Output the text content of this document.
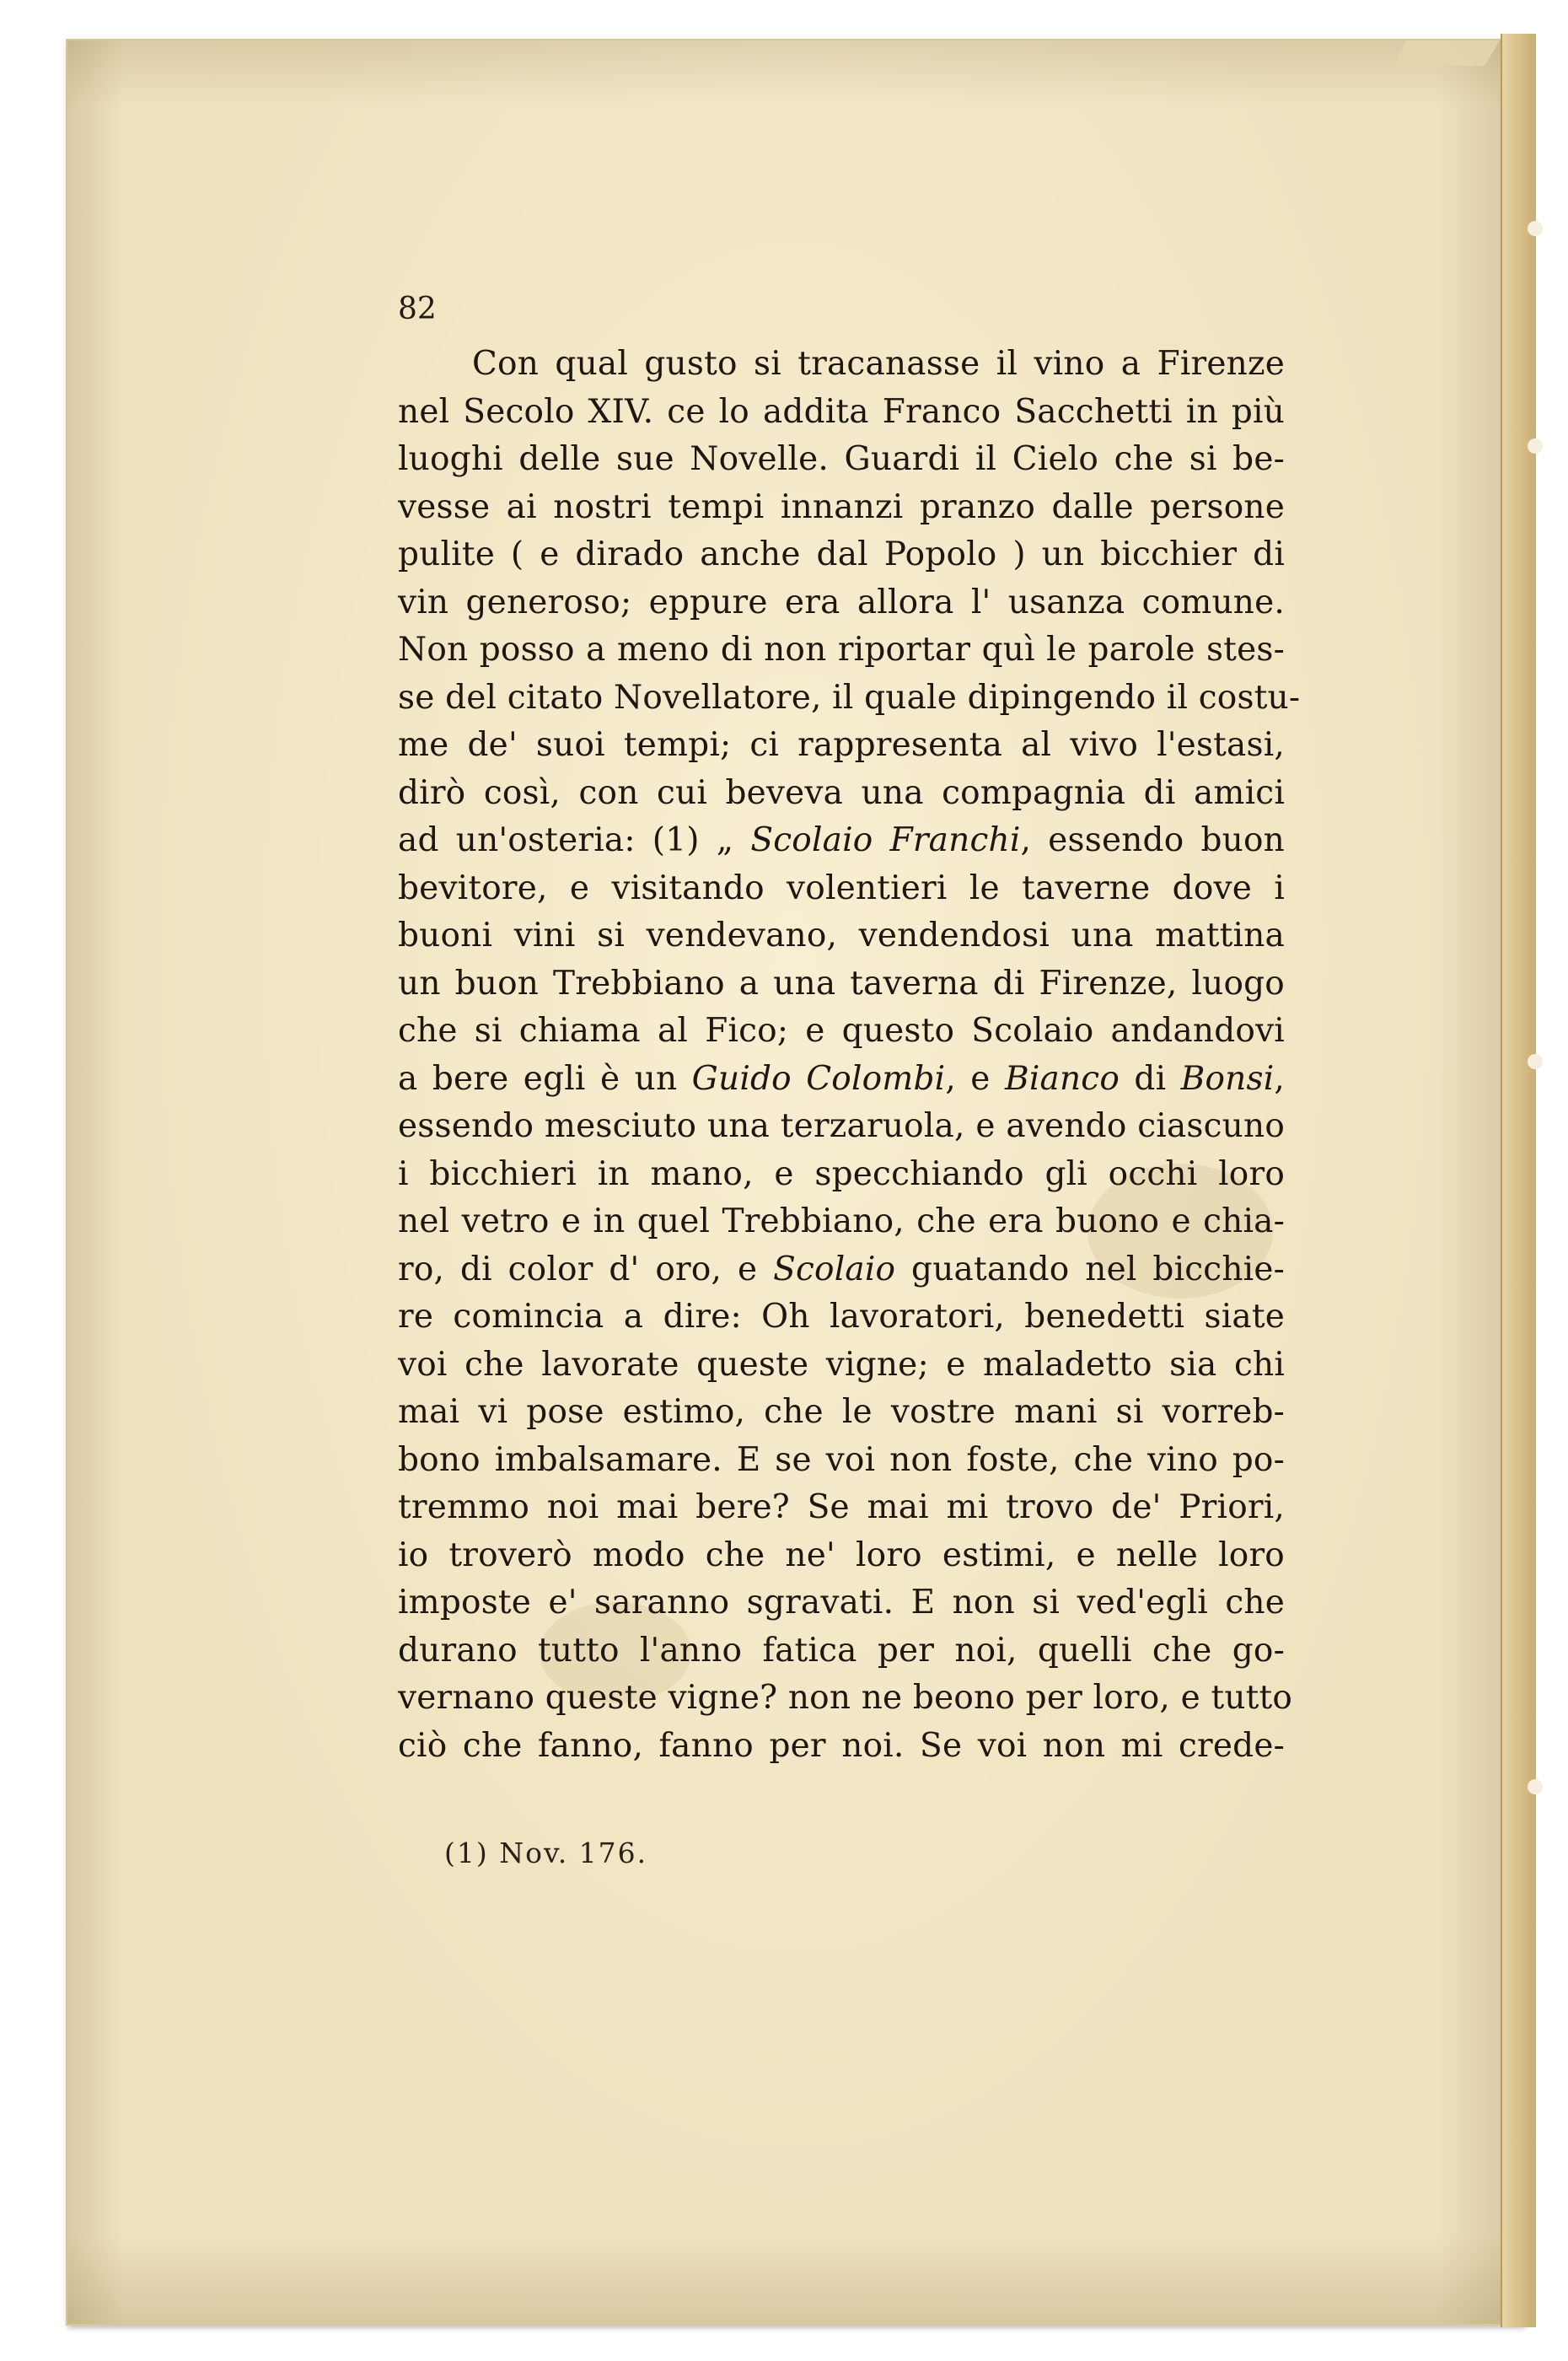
82
Con qual gusto si tracanasse il vino a Firenze
nel Secolo XIV. ce lo addita Franco Sacchetti in più
luoghi delle sue Novelle. Guardi il Cielo che si be-
vesse ai nostri tempi innanzi pranzo dalle persone
pulite ( e dirado anche dal Popolo ) un bicchier di
vin generoso; eppure era allora l' usanza comune.
Non posso a meno di non riportar quì le parole stes-
se del citato Novellatore, il quale dipingendo il costu-
me de' suoi tempi; ci rappresenta al vivo l'estasi,
dirò così, con cui beveva una compagnia di amici
ad un'osteria: (1) „ Scolaio Franchi, essendo buon
bevitore, e visitando volentieri le taverne dove i
buoni vini si vendevano, vendendosi una mattina
un buon Trebbiano a una taverna di Firenze, luogo
che si chiama al Fico; e questo Scolaio andandovi
a bere egli è un Guido Colombi, e Bianco di Bonsi,
essendo mesciuto una terzaruola, e avendo ciascuno
i bicchieri in mano, e specchiando gli occhi loro
nel vetro e in quel Trebbiano, che era buono e chia-
ro, di color d' oro, e Scolaio guatando nel bicchie-
re comincia a dire: Oh lavoratori, benedetti siate
voi che lavorate queste vigne; e maladetto sia chi
mai vi pose estimo, che le vostre mani si vorreb-
bono imbalsamare. E se voi non foste, che vino po-
tremmo noi mai bere? Se mai mi trovo de' Priori,
io troverò modo che ne' loro estimi, e nelle loro
imposte e' saranno sgravati. E non si ved'egli che
durano tutto l'anno fatica per noi, quelli che go-
vernano queste vigne? non ne beono per loro, e tutto
ciò che fanno, fanno per noi. Se voi non mi crede-
(1) Nov. 176.
